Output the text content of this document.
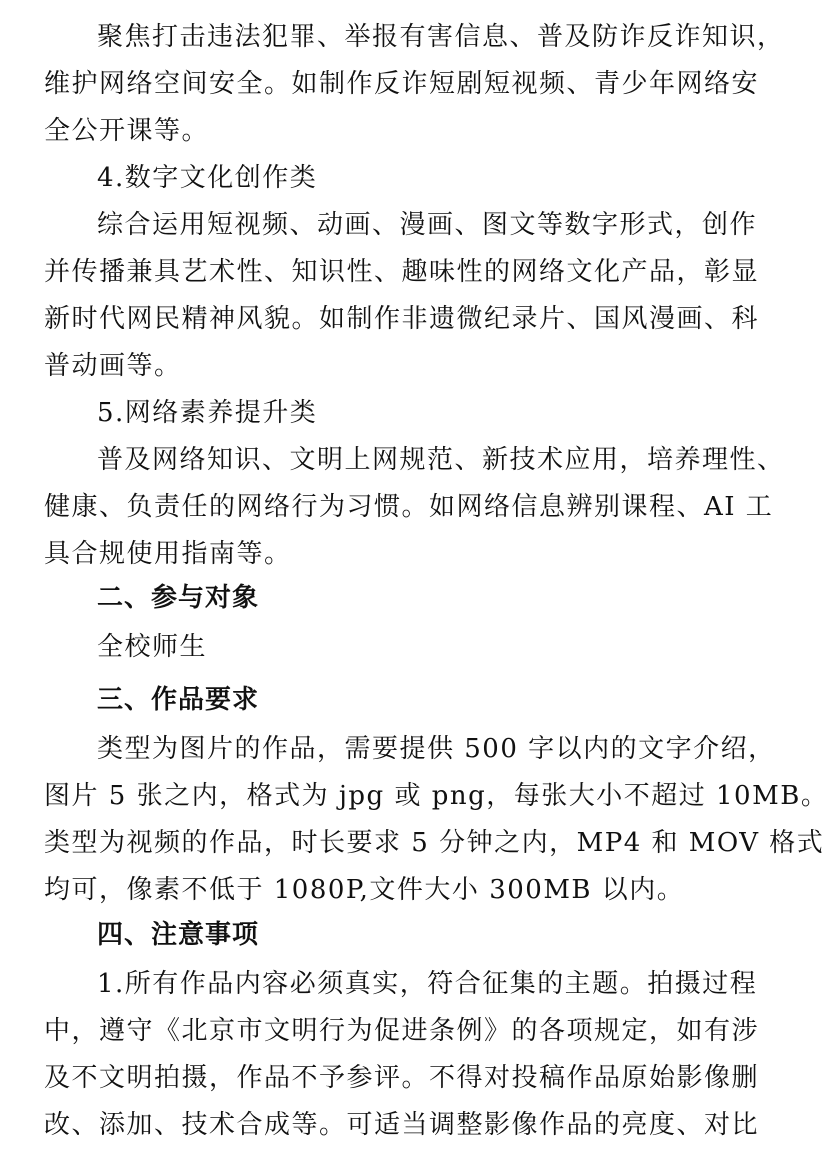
聚焦打击违法犯罪、举报有害信息、普及防诈反诈知识，
维护网络空间安全。如制作反诈短剧短视频、青少年网络安
全公开课等。
4.数字文化创作类
综合运用短视频、动画、漫画、图文等数字形式，创作
并传播兼具艺术性、知识性、趣味性的网络文化产品，彰显
新时代网民精神风貌。如制作非遗微纪录片、国风漫画、科
普动画等。
5.网络素养提升类
普及网络知识、文明上网规范、新技术应用，培养理性、
健康、负责任的网络行为习惯。如网络信息辨别课程、AI 工
具合规使用指南等。
二、参与对象
全校师生
三、作品要求
类型为图片的作品，需要提供 500 字以内的文字介绍，
图片 5 张之内，格式为 jpg 或 png，每张大小不超过 10MB。
类型为视频的作品，时长要求 5 分钟之内，MP4 和 MOV 格式
均可，像素不低于 1080P,文件大小 300MB 以内。
四、注意事项
1.所有作品内容必须真实，符合征集的主题。拍摄过程
中，遵守《北京市文明行为促进条例》的各项规定，如有涉
及不文明拍摄，作品不予参评。不得对投稿作品原始影像删
改、添加、技术合成等。可适当调整影像作品的亮度、对比
